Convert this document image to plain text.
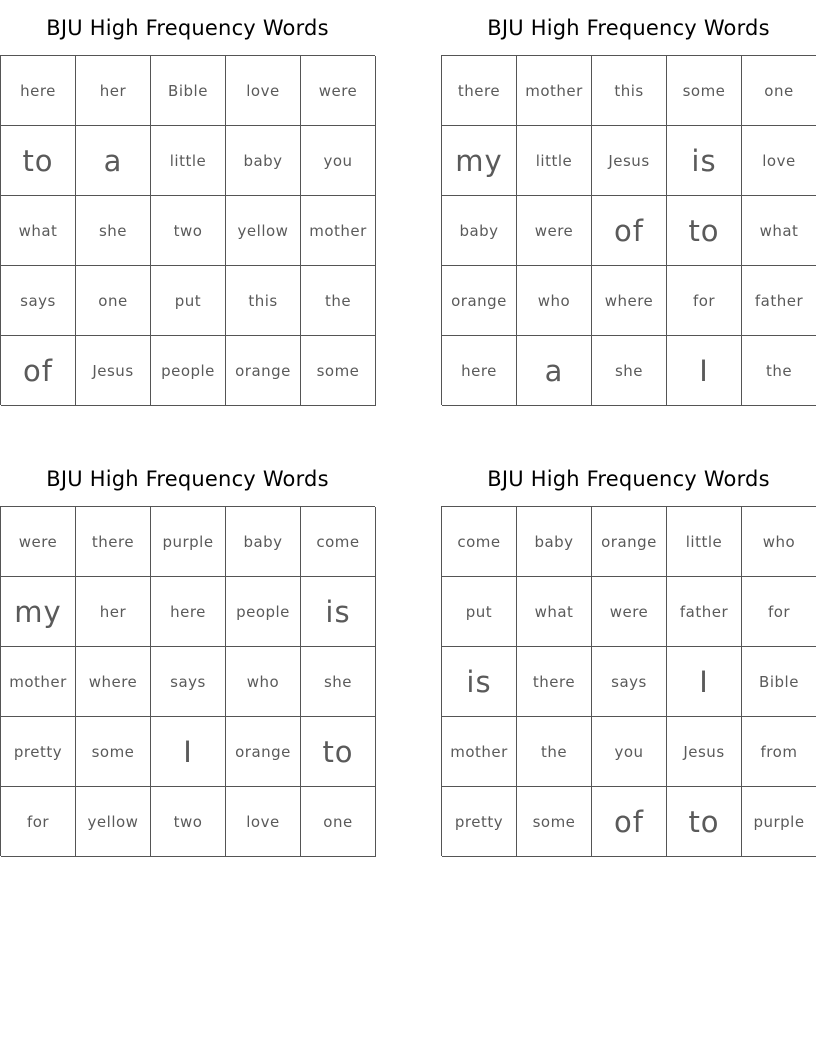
BJU High Frequency Words
here	her	Bible	love	were
to	a	little	baby	you
what	she	two	yellow	mother
says	one	put	this	the
of	Jesus	people	orange	some
BJU High Frequency Words
there	mother	this	some	one
my	little	Jesus	is	love
baby	were	of	to	what
orange	who	where	for	father
here	a	she	I	the
BJU High Frequency Words
were	there	purple	baby	come
my	her	here	people	is
mother	where	says	who	she
pretty	some	I	orange	to
for	yellow	two	love	one
BJU High Frequency Words
come	baby	orange	little	who
put	what	were	father	for
is	there	says	I	Bible
mother	the	you	Jesus	from
pretty	some	of	to	purple
